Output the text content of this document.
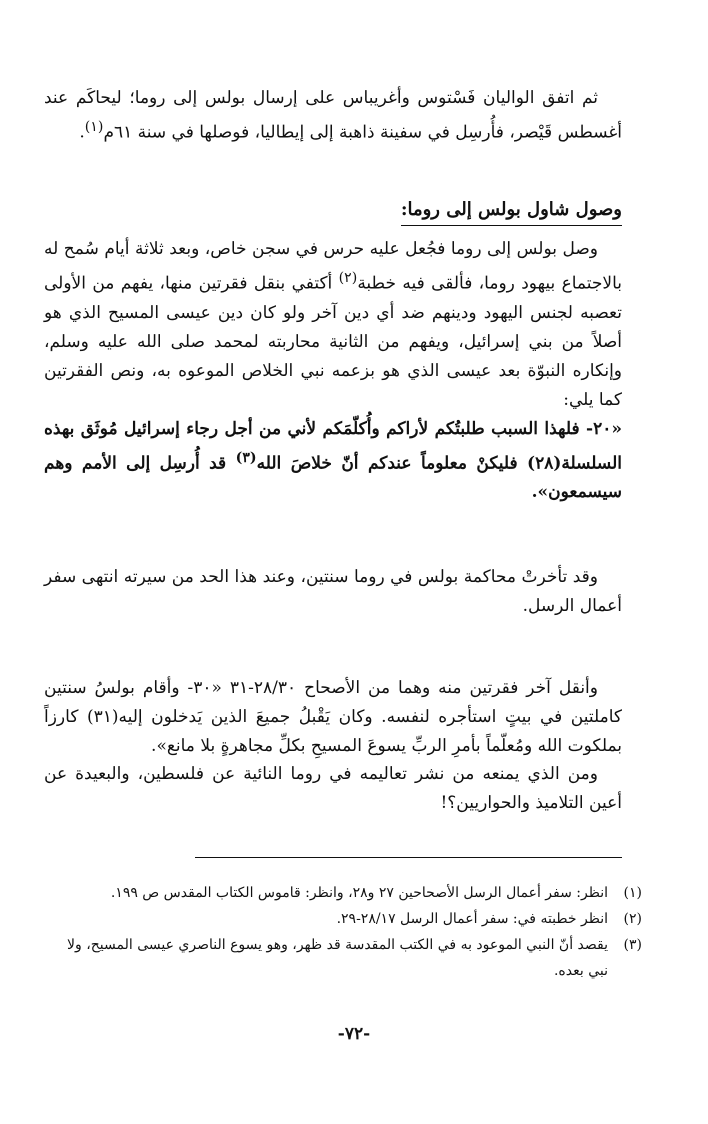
ثم اتفق الواليان فَسْتوس وأغريباس على إرسال بولس إلى روما؛ ليحاكَم عند أغسطس قَيْصر، فأُرسِل في سفينة ذاهبة إلى إيطاليا، فوصلها في سنة ٦١م$^{(١)}$.

وصول شاول بولس إلى روما:

وصل بولس إلى روما فجُعل عليه حرس في سجن خاص، وبعد ثلاثة أيام سُمح له بالاجتماع بيهود روما، فألقى فيه خطبة$^{(٢)}$ أكتفي بنقل فقرتين منها، يفهم من الأولى تعصبه لجنس اليهود ودينهم ضد أي دين آخر ولو كان دين عيسى المسيح الذي هو أصلاً من بني إسرائيل، ويفهم من الثانية محاربته لمحمد صلى الله عليه وسلم، وإنكاره النبوّة بعد عيسى الذي هو بزعمه نبي الخلاص الموعوه به، ونص الفقرتين كما يلي:

«٢٠- فلهذا السبب طلبتُكم لأراكم وأُكلّمَكم لأني من أجل رجاء إسرائيل مُوثَق بهذه السلسلة(٢٨) فليكنْ معلوماً عندكم أنّ خلاصَ الله$^{(٣)}$ قد أُرسِل إلى الأمم وهم سيسمعون».

وقد تأخرتْ محاكمة بولس في روما سنتين، وعند هذا الحد من سيرته انتهى سفر أعمال الرسل.

وأنقل آخر فقرتين منه وهما من الأصحاح ٢٨/٣٠-٣١ «٣٠- وأقام بولسُ سنتين كاملتين في بيتٍ استأجره لنفسه. وكان يَقْبلُ جميعَ الذين يَدخلون إليه(٣١) كارزاً بملكوت الله ومُعلّماً بأمرِ الربِّ يسوعَ المسيحِ بكلِّ مجاهرةٍ بلا مانع».

ومن الذي يمنعه من نشر تعاليمه في روما النائية عن فلسطين، والبعيدة عن أعين التلاميذ والحواريين؟!

(١)
انظر: سفر أعمال الرسل الأصحاحين ٢٧ و٢٨، وانظر: قاموس الكتاب المقدس ص ١٩٩.

(٢)
انظر خطبته في: سفر أعمال الرسل ٢٨/١٧-٢٩.

(٣)
يقصد أنّ النبي الموعود به في الكتب المقدسة قد ظهر، وهو يسوع الناصري عيسى المسيح، ولا نبي بعده.

-٧٢-
